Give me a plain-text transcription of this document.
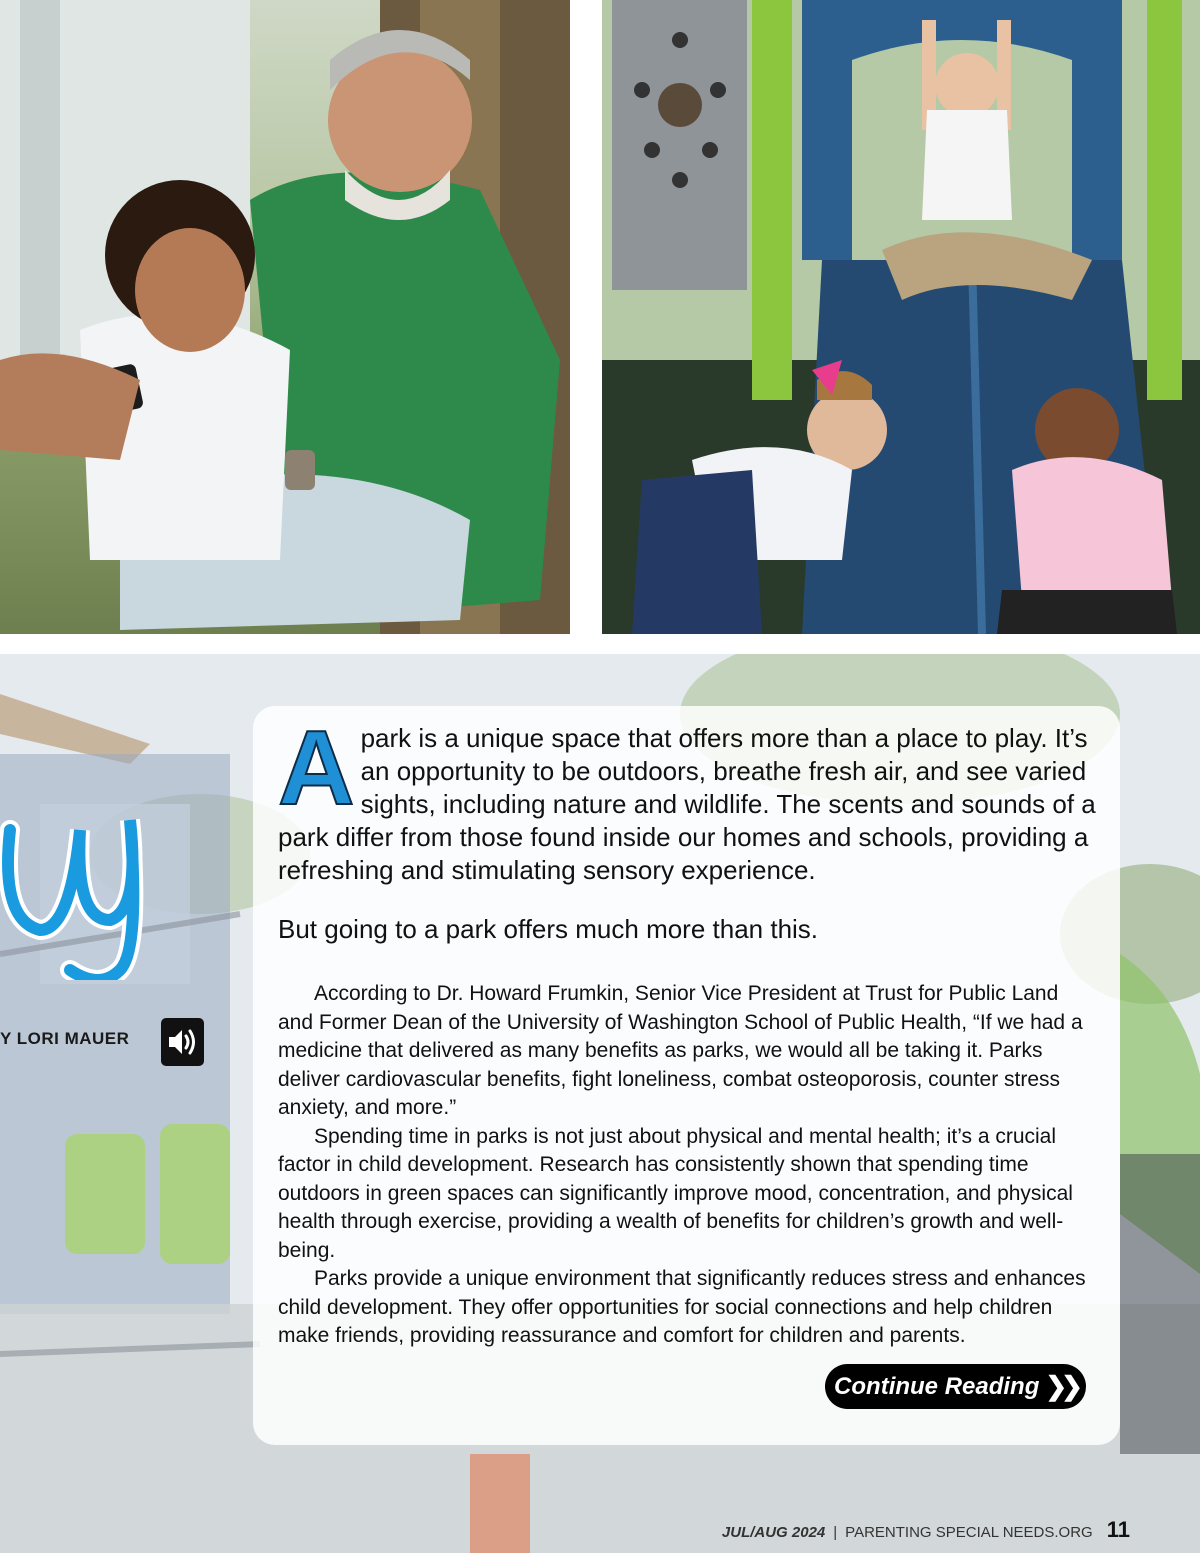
Y LORI MAUER

A park is a unique space that offers more than a place to play. It’s an opportunity to be outdoors, breathe fresh air, and see varied sights, including nature and wildlife. The scents and sounds of a park differ from those found inside our homes and schools, providing a refreshing and stimulating sensory experience.

But going to a park offers much more than this.

According to Dr. Howard Frumkin, Senior Vice President at Trust for Public Land and Former Dean of the University of Washington School of Public Health, “If we had a medicine that delivered as many benefits as parks, we would all be taking it. Parks deliver cardiovascular benefits, fight loneliness, combat osteoporosis, counter stress anxiety, and more.”

Spending time in parks is not just about physical and mental health; it’s a crucial factor in child development. Research has consistently shown that spending time outdoors in green spaces can significantly improve mood, concentration, and physical health through exercise, providing a wealth of benefits for children’s growth and well-being.

Parks provide a unique environment that significantly reduces stress and enhances child development. They offer opportunities for social connections and help children make friends, providing reassurance and comfort for children and parents.

Continue Reading ❯❯
JUL/AUG 2024 | PARENTING SPECIAL NEEDS.ORG 11
